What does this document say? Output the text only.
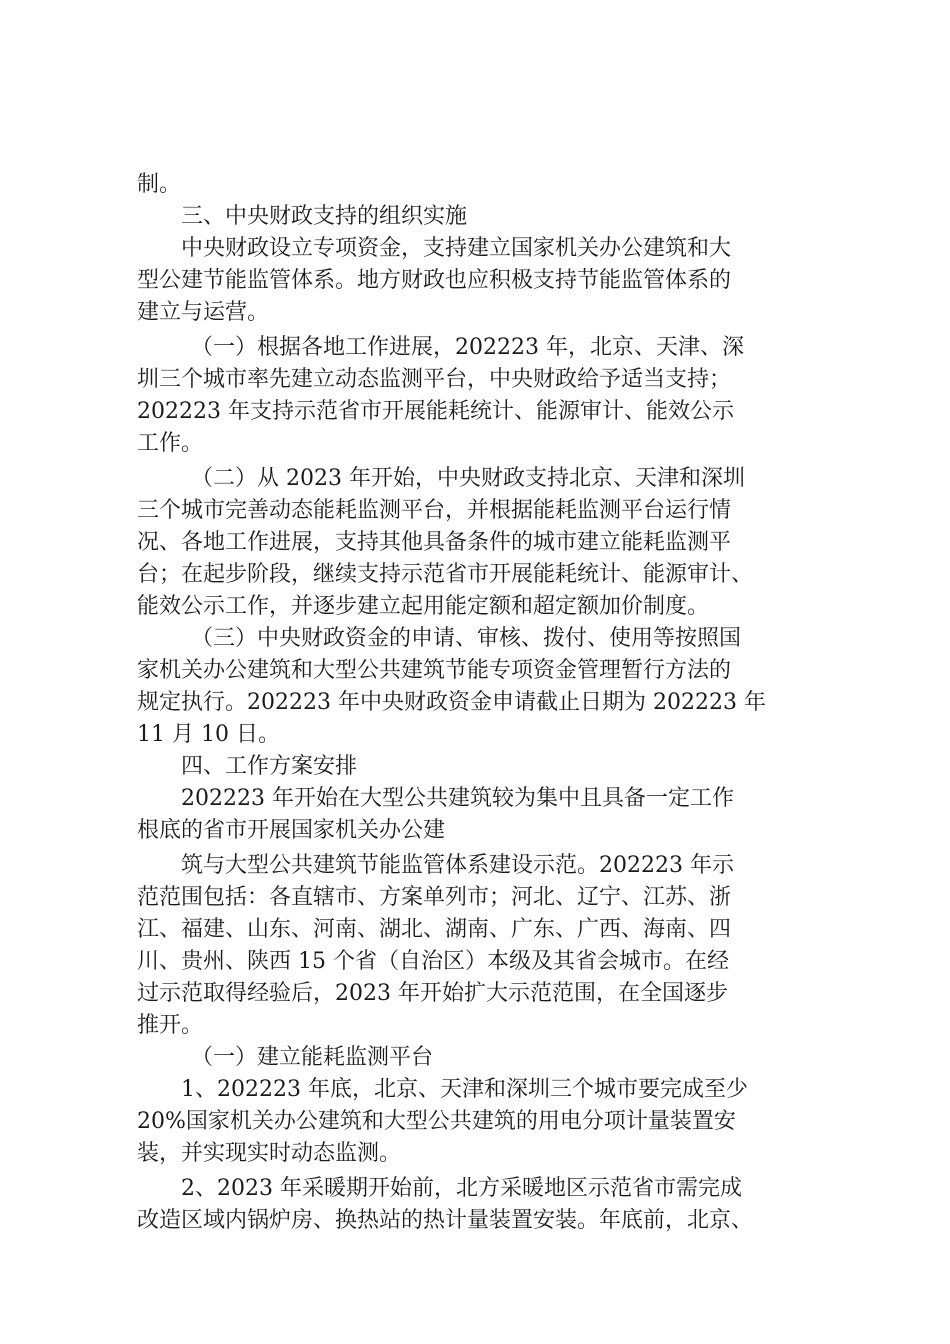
制。
三、中央财政支持的组织实施
中央财政设立专项资金，支持建立国家机关办公建筑和大
型公建节能监管体系。地方财政也应积极支持节能监管体系的
建立与运营。
（一）根据各地工作进展，202223 年，北京、天津、深
圳三个城市率先建立动态监测平台，中央财政给予适当支持；
202223 年支持示范省市开展能耗统计、能源审计、能效公示
工作。
（二）从 2023 年开始，中央财政支持北京、天津和深圳
三个城市完善动态能耗监测平台，并根据能耗监测平台运行情
况、各地工作进展，支持其他具备条件的城市建立能耗监测平
台；在起步阶段，继续支持示范省市开展能耗统计、能源审计、
能效公示工作，并逐步建立起用能定额和超定额加价制度。
（三）中央财政资金的申请、审核、拨付、使用等按照国
家机关办公建筑和大型公共建筑节能专项资金管理暂行方法的
规定执行。202223 年中央财政资金申请截止日期为 202223 年
11 月 10 日。
四、工作方案安排
202223 年开始在大型公共建筑较为集中且具备一定工作
根底的省市开展国家机关办公建
筑与大型公共建筑节能监管体系建设示范。202223 年示
范范围包括：各直辖市、方案单列市；河北、辽宁、江苏、浙
江、福建、山东、河南、湖北、湖南、广东、广西、海南、四
川、贵州、陕西 15 个省（自治区）本级及其省会城市。在经
过示范取得经验后，2023 年开始扩大示范范围，在全国逐步
推开。
（一）建立能耗监测平台
1、202223 年底，北京、天津和深圳三个城市要完成至少
20%国家机关办公建筑和大型公共建筑的用电分项计量装置安
装，并实现实时动态监测。
2、2023 年采暖期开始前，北方采暖地区示范省市需完成
改造区域内锅炉房、换热站的热计量装置安装。年底前，北京、
